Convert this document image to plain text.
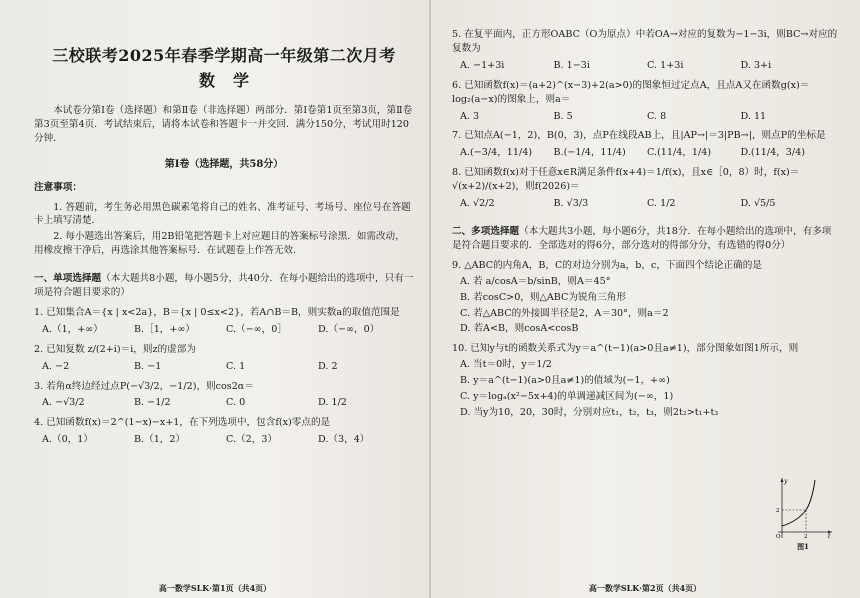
三校联考2025年春季学期高一年级第二次月考
数学

本试卷分第Ⅰ卷（选择题）和第Ⅱ卷（非选择题）两部分．第Ⅰ卷第1页至第3页，第Ⅱ卷第3页至第4页．考试结束后，请将本试卷和答题卡一并交回．满分150分，考试用时120分钟．

第Ⅰ卷（选择题，共58分）
注意事项：

1. 答题前，考生务必用黑色碳素笔将自己的姓名、准考证号、考场号、座位号在答题卡上填写清楚．

2. 每小题选出答案后，用2B铅笔把答题卡上对应题目的答案标号涂黑．如需改动，用橡皮擦干净后，再选涂其他答案标号．在试题卷上作答无效．

一、单项选择题（本大题共8小题，每小题5分，共40分．在每小题给出的选项中，只有一项是符合题目要求的）
1. 已知集合A＝{x | x<2a}，B＝{x | 0≤x<2}，若A∩B＝B，则实数a的取值范围是
A.（1，+∞）	B.［1，+∞）	C.（−∞，0］	D.（−∞，0）
2. 已知复数 z/(2+i)＝i，则z的虚部为
A. −2	B. −1	C. 1	D. 2
3. 若角α终边经过点P(−√3/2，−1/2)，则cos2α＝
A. −√3/2	B. −1/2	C. 0	D. 1/2
4. 已知函数f(x)＝2^(1−x)−x+1，在下列选项中，包含f(x)零点的是
A.（0，1）	B.（1，2）	C.（2，3）	D.（3，4）
高一数学SLK·第1页（共4页）
5. 在复平面内，正方形OABC（O为原点）中若OA→对应的复数为−1−3i，则BC→对应的复数为
A. −1+3i	B. 1−3i	C. 1+3i	D. 3+i
6. 已知函数f(x)＝(a+2)^(x−3)+2(a>0)的图象恒过定点A，且点A又在函数g(x)＝log₂(a−x)的图象上，则a＝
A. 3	B. 5	C. 8	D. 11
7. 已知点A(−1，2)，B(0，3)，点P在线段AB上，且|AP→|＝3|PB→|，则点P的坐标是
A.(−3/4，11/4)	B.(−1/4，11/4)	C.(11/4，1/4)	D.(11/4，3/4)
8. 已知函数f(x)对于任意x∈R满足条件f(x+4)＝1/f(x)，且x∈［0，8）时，f(x)＝√(x+2)/(x+2)，则f(2026)＝
A. √2/2	B. √3/3	C. 1/2	D. √5/5
二、多项选择题（本大题共3小题，每小题6分，共18分．在每小题给出的选项中，有多项是符合题目要求的．全部选对的得6分，部分选对的得部分分，有选错的得0分）
9. △ABC的内角A，B，C的对边分别为a，b，c，下面四个结论正确的是
A. 若 a/cosA＝b/sinB，则A＝45°
B. 若cosC>0，则△ABC为锐角三角形
C. 若△ABC的外接圆半径是2，A＝30°，则a＝2
D. 若A<B，则cosA<cosB
10. 已知y与t的函数关系式为y＝a^(t−1)(a>0且a≠1)，部分图象如图1所示，则
A. 当t＝0时，y＝1/2
B. y＝a^(t−1)(a>0且a≠1)的值域为(−1，+∞)
C. y＝logₐ(x²−5x+4)的单调递减区间为(−∞，1)
D. 当y为10，20，30时，分别对应t₁，t₂，t₃，则2t₂>t₁+t₃
y
t
O
2
2
图1
高一数学SLK·第2页（共4页）
